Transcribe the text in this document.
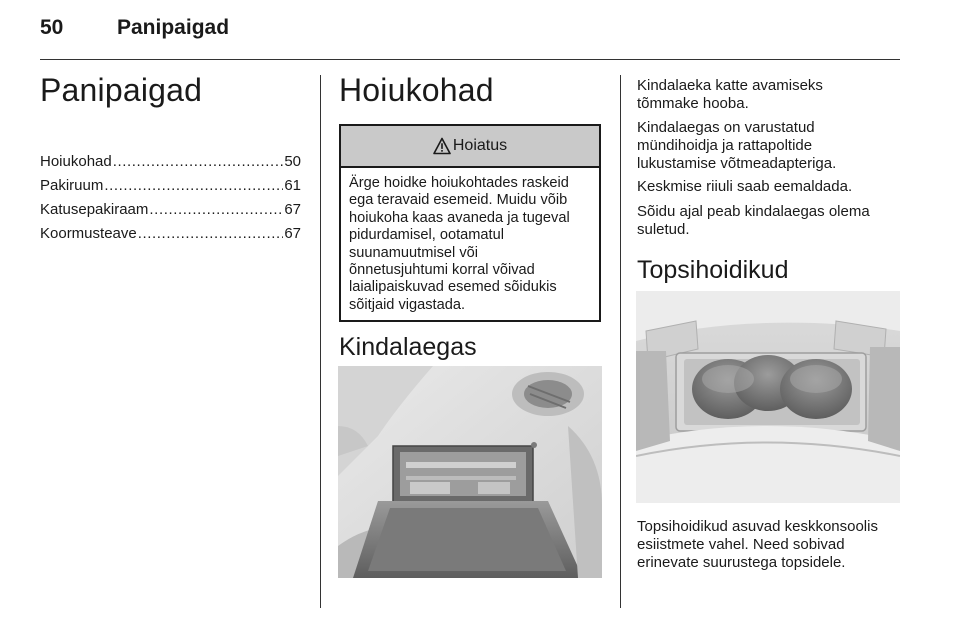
50	Panipaigad
Panipaigad
Hoiukohad .....	50
Pakiruum .....	61
Katusepakiraam .....	67
Koormusteave .....	67
Hoiukohad
Hoiatus
Ärge hoidke hoiukohtades raskeid
ega teravaid esemeid. Muidu võib
hoiukoha kaas avaneda ja tugeval
pidurdamisel, ootamatul
suunamuutmisel või
õnnetusjuhtumi korral võivad
laialipaiskuvad esemed sõidukis
sõitjaid vigastada.
Kindalaegas

Kindalaeka katte avamiseks
tõmmake hooba.

Kindalaegas on varustatud
mündihoidja ja rattapoltide
lukustamise võtmeadapteriga.

Keskmise riiuli saab eemaldada.

Sõidu ajal peab kindalaegas olema
suletud.

Topsihoidikud

Topsihoidikud asuvad keskkonsoolis
esiistmete vahel. Need sobivad
erinevate suurustega topsidele.
